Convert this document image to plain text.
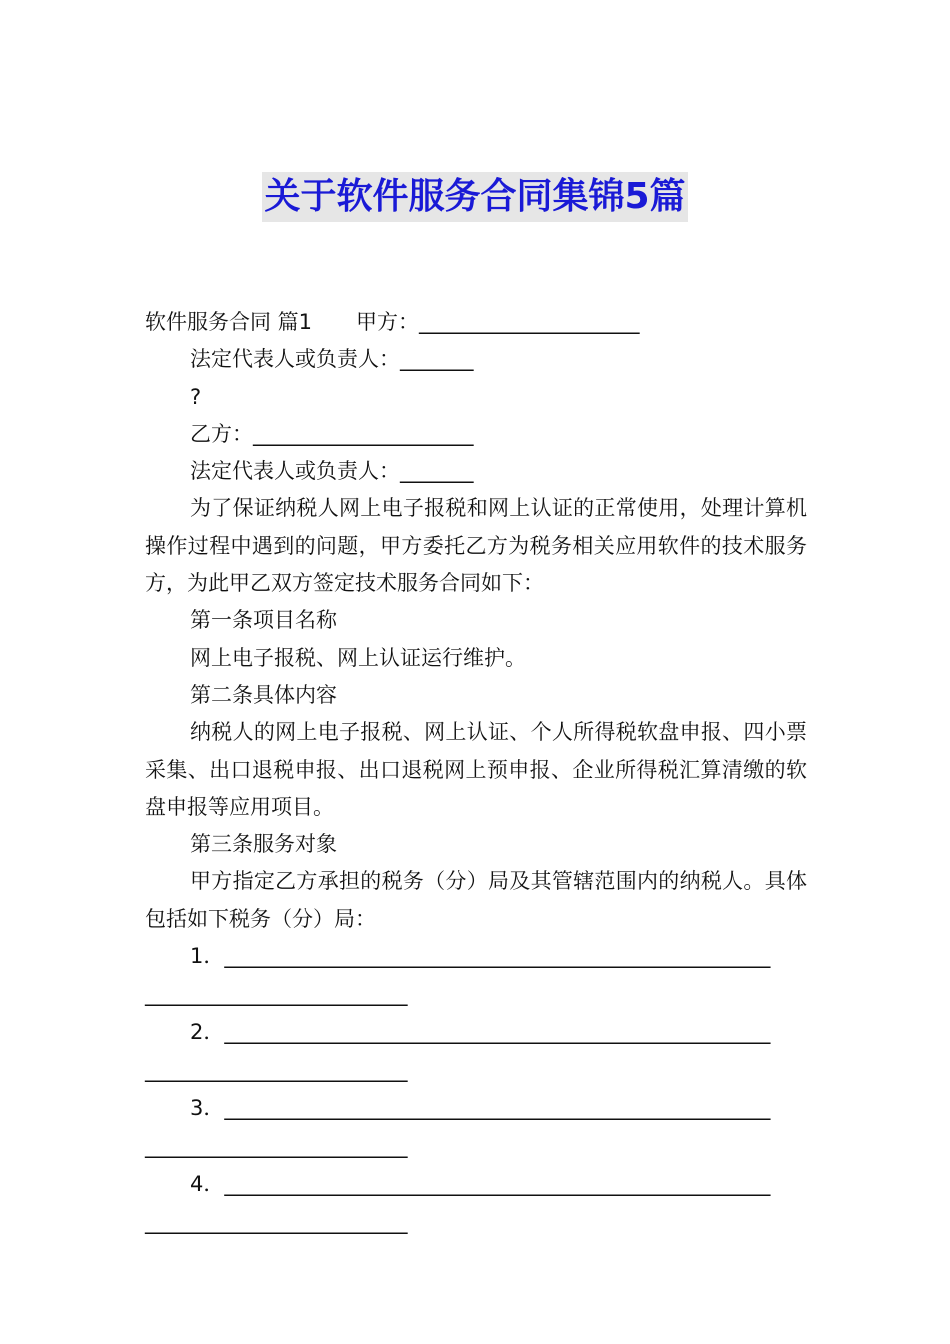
关于软件服务合同集锦5篇
软件服务合同 篇1 甲方：_____________________
法定代表人或负责人：_______
?
乙方：_____________________
法定代表人或负责人：_______
为了保证纳税人网上电子报税和网上认证的正常使用，处理计算机操作过程中遇到的问题，甲方委托乙方为税务相关应用软件的技术服务方，为此甲乙双方签定技术服务合同如下：
第一条项目名称
网上电子报税、网上认证运行维护。
第二条具体内容
纳税人的网上电子报税、网上认证、个人所得税软盘申报、四小票采集、出口退税申报、出口退税网上预申报、企业所得税汇算清缴的软盘申报等应用项目。
第三条服务对象
甲方指定乙方承担的税务（分）局及其管辖范围内的纳税人。具体包括如下税务（分）局：
1．____________________________________________________
_________________________
2．____________________________________________________
_________________________
3．____________________________________________________
_________________________
4．____________________________________________________
_________________________
